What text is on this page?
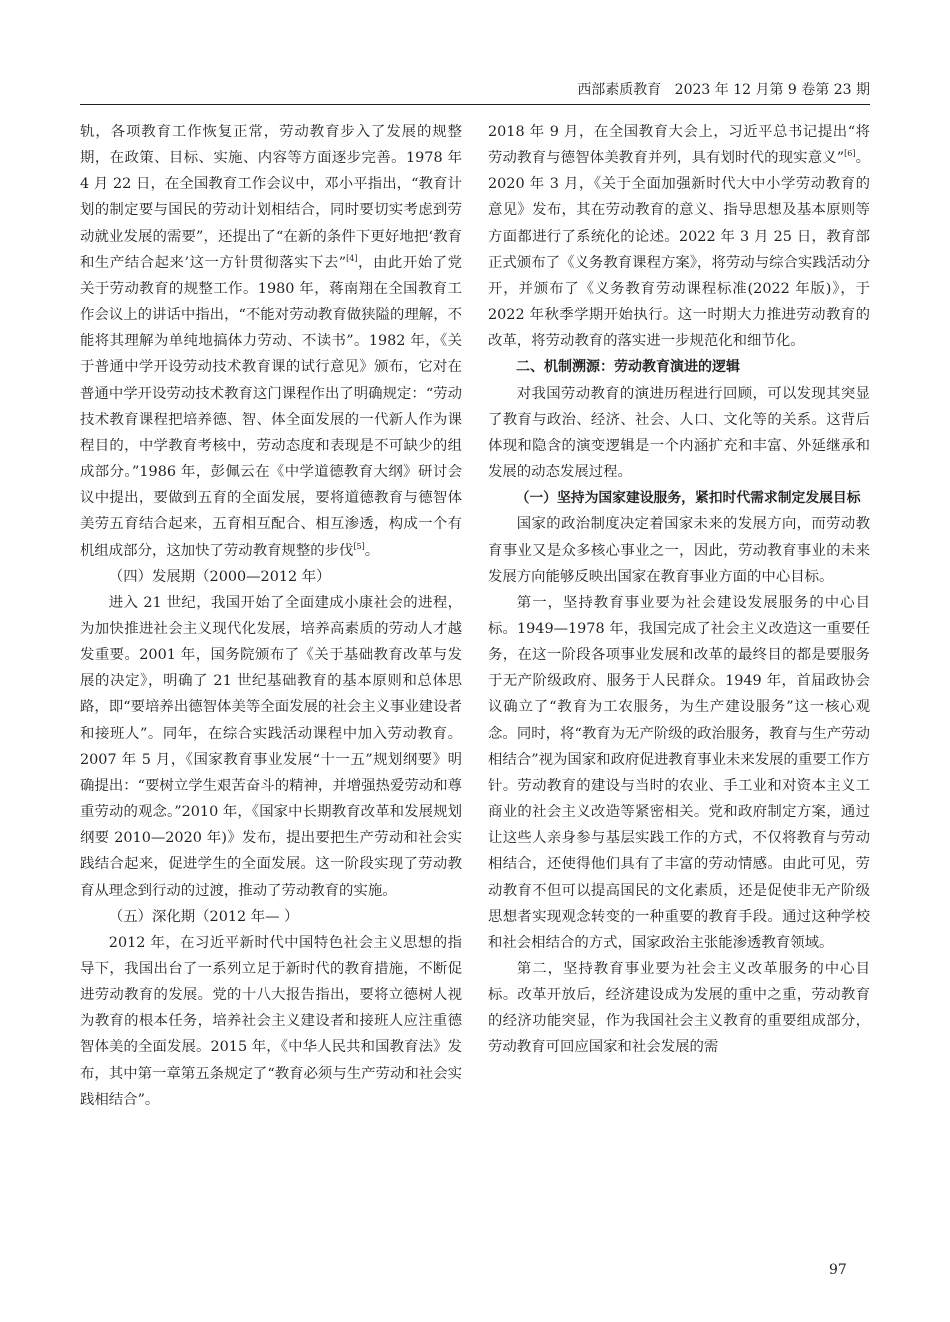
西部素质教育 2023 年 12 月第 9 卷第 23 期

轨，各项教育工作恢复正常，劳动教育步入了发展的规整期，在政策、目标、实施、内容等方面逐步完善。1978 年 4 月 22 日，在全国教育工作会议中，邓小平指出，“教育计划的制定要与国民的劳动计划相结合，同时要切实考虑到劳动就业发展的需要”，还提出了“在新的条件下更好地把‘教育和生产结合起来’这一方针贯彻落实下去”[4]，由此开始了党关于劳动教育的规整工作。1980 年，蒋南翔在全国教育工作会议上的讲话中指出，“不能对劳动教育做狭隘的理解，不能将其理解为单纯地搞体力劳动、不读书”。1982 年，《关于普通中学开设劳动技术教育课的试行意见》颁布，它对在普通中学开设劳动技术教育这门课程作出了明确规定：“劳动技术教育课程把培养德、智、体全面发展的一代新人作为课程目的，中学教育考核中，劳动态度和表现是不可缺少的组成部分。”1986 年，彭佩云在《中学道德教育大纲》研讨会议中提出，要做到五育的全面发展，要将道德教育与德智体美劳五育结合起来，五育相互配合、相互渗透，构成一个有机组成部分，这加快了劳动教育规整的步伐[5]。

（四）发展期（2000—2012 年）

进入 21 世纪，我国开始了全面建成小康社会的进程，为加快推进社会主义现代化发展，培养高素质的劳动人才越发重要。2001 年，国务院颁布了《关于基础教育改革与发展的决定》，明确了 21 世纪基础教育的基本原则和总体思路，即“要培养出德智体美等全面发展的社会主义事业建设者和接班人”。同年，在综合实践活动课程中加入劳动教育。2007 年 5 月，《国家教育事业发展“十一五”规划纲要》明确提出：“要树立学生艰苦奋斗的精神，并增强热爱劳动和尊重劳动的观念。”2010 年，《国家中长期教育改革和发展规划纲要 2010—2020 年)》发布，提出要把生产劳动和社会实践结合起来，促进学生的全面发展。这一阶段实现了劳动教育从理念到行动的过渡，推动了劳动教育的实施。

（五）深化期（2012 年— ）

2012 年，在习近平新时代中国特色社会主义思想的指导下，我国出台了一系列立足于新时代的教育措施，不断促进劳动教育的发展。党的十八大报告指出，要将立德树人视为教育的根本任务，培养社会主义建设者和接班人应注重德智体美的全面发展。2015 年，《中华人民共和国教育法》发布，其中第一章第五条规定了“教育必须与生产劳动和社会实践相结合”。

2018 年 9 月，在全国教育大会上，习近平总书记提出“将劳动教育与德智体美教育并列，具有划时代的现实意义”[6]。2020 年 3 月，《关于全面加强新时代大中小学劳动教育的意见》发布，其在劳动教育的意义、指导思想及基本原则等方面都进行了系统化的论述。2022 年 3 月 25 日，教育部正式颁布了《义务教育课程方案》，将劳动与综合实践活动分开，并颁布了《义务教育劳动课程标准(2022 年版)》，于 2022 年秋季学期开始执行。这一时期大力推进劳动教育的改革，将劳动教育的落实进一步规范化和细节化。

二、机制溯源：劳动教育演进的逻辑

对我国劳动教育的演进历程进行回顾，可以发现其突显了教育与政治、经济、社会、人口、文化等的关系。这背后体现和隐含的演变逻辑是一个内涵扩充和丰富、外延继承和发展的动态发展过程。

（一）坚持为国家建设服务，紧扣时代需求制定发展目标

国家的政治制度决定着国家未来的发展方向，而劳动教育事业又是众多核心事业之一，因此，劳动教育事业的未来发展方向能够反映出国家在教育事业方面的中心目标。

第一，坚持教育事业要为社会建设发展服务的中心目标。1949—1978 年，我国完成了社会主义改造这一重要任务，在这一阶段各项事业发展和改革的最终目的都是要服务于无产阶级政府、服务于人民群众。1949 年，首届政协会议确立了“教育为工农服务，为生产建设服务”这一核心观念。同时，将“教育为无产阶级的政治服务，教育与生产劳动相结合”视为国家和政府促进教育事业未来发展的重要工作方针。劳动教育的建设与当时的农业、手工业和对资本主义工商业的社会主义改造等紧密相关。党和政府制定方案，通过让这些人亲身参与基层实践工作的方式，不仅将教育与劳动相结合，还使得他们具有了丰富的劳动情感。由此可见，劳动教育不但可以提高国民的文化素质，还是促使非无产阶级思想者实现观念转变的一种重要的教育手段。通过这种学校和社会相结合的方式，国家政治主张能渗透教育领域。

第二，坚持教育事业要为社会主义改革服务的中心目标。改革开放后，经济建设成为发展的重中之重，劳动教育的经济功能突显，作为我国社会主义教育的重要组成部分，劳动教育可回应国家和社会发展的需

97
